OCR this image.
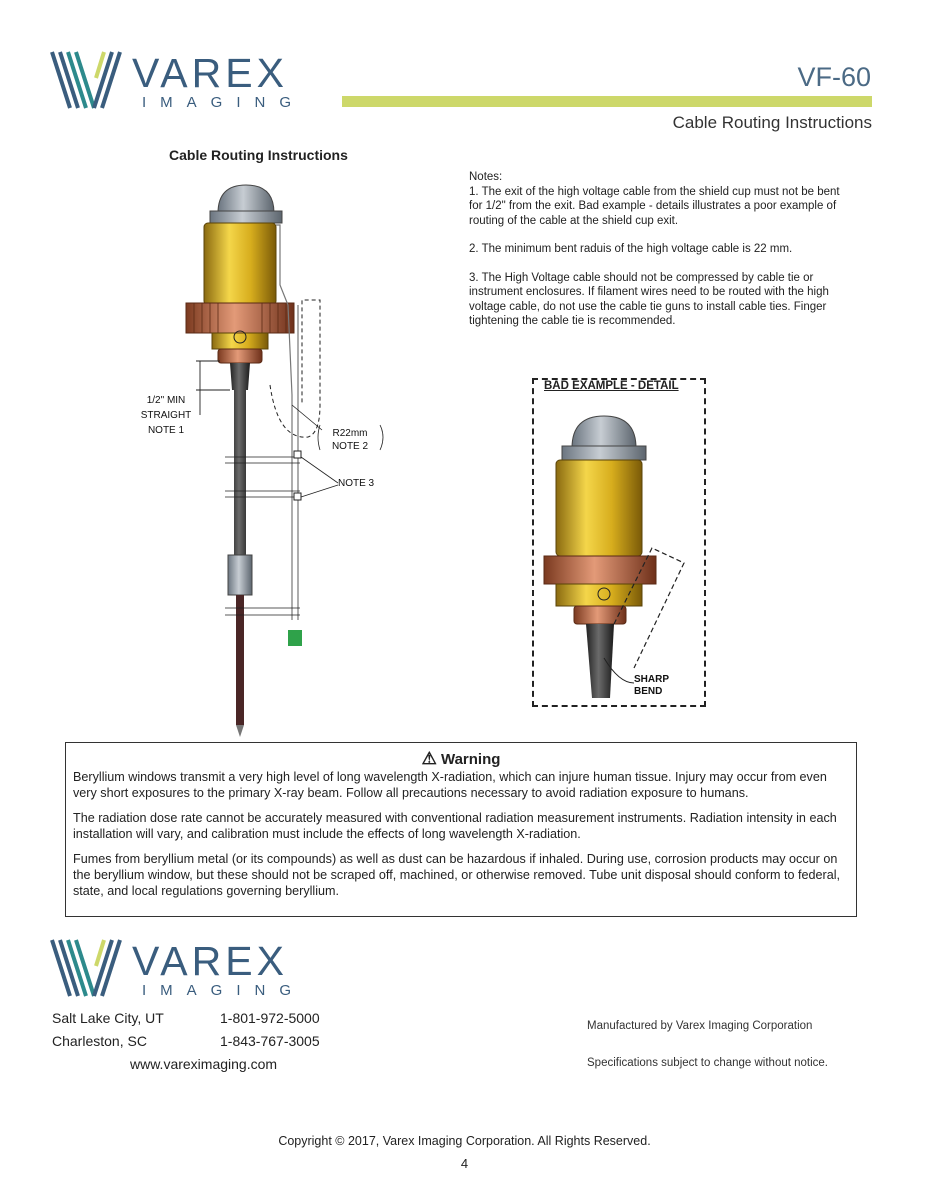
VAREX
IMAGING
VF-60
Cable Routing Instructions
Cable Routing Instructions
1/2" MIN
STRAIGHT
NOTE 1	R22mm
NOTE 2
NOTE 3
Notes:

1. The exit of the high voltage cable from the shield cup must not be bent for 1/2" from the exit. Bad example - details illustrates a poor example of routing of the cable at the shield cup exit.

2. The minimum bent raduis of the high voltage cable is 22 mm.

3. The High Voltage cable should not be compressed by cable tie or instrument enclosures. If filament wires need to be routed with the high voltage cable, do not use the cable tie guns to install cable ties. Finger tightening the cable tie is recommended.

BAD EXAMPLE - DETAIL
SHARP
BEND
⚠ Warning

Beryllium windows transmit a very high level of long wavelength X-radiation, which can injure human tissue. Injury may occur from even very short exposures to the primary X-ray beam. Follow all precautions necessary to avoid radiation exposure to humans.

The radiation dose rate cannot be accurately measured with conventional radiation measurement instruments. Radiation intensity in each installation will vary, and calibration must include the effects of long wavelength X-radiation.

Fumes from beryllium metal (or its compounds) as well as dust can be hazardous if inhaled. During use, corrosion products may occur on the beryllium window, but these should not be scraped off, machined, or otherwise removed. Tube unit disposal should conform to federal, state, and local regulations governing beryllium.

VAREX
IMAGING
Salt Lake City, UT	1-801-972-5000
Charleston, SC	1-843-767-3005
www.vareximaging.com
Manufactured by Varex Imaging Corporation
Specifications subject to change without notice.
Copyright © 2017, Varex Imaging Corporation. All Rights Reserved.
4
